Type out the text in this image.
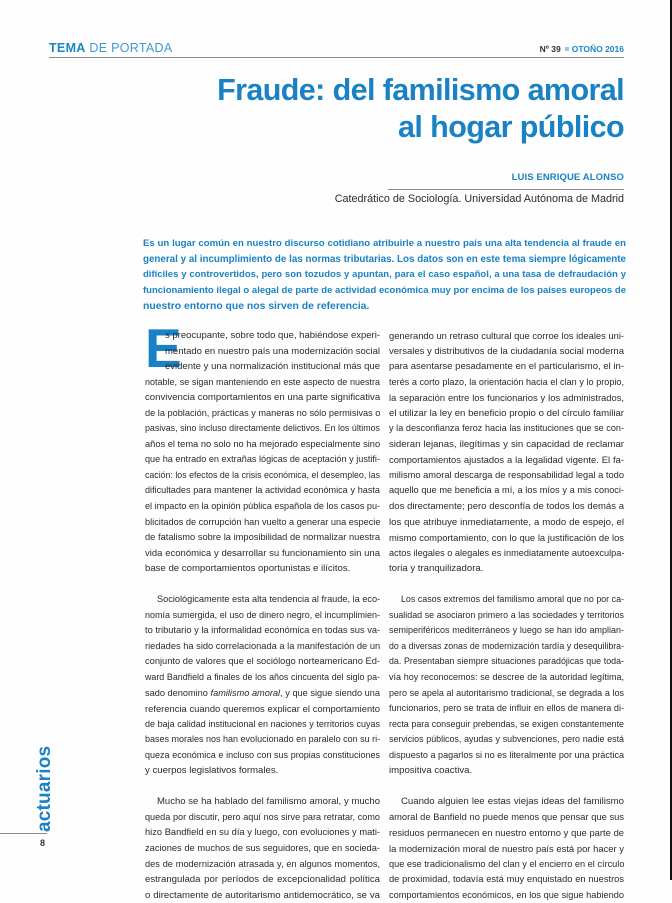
TEMA DE PORTADA	Nº 39 OTOÑO 2016
Fraude: del familismo amoral
al hogar público
LUIS ENRIQUE ALONSO
Catedrático de Sociología. Universidad Autónoma de Madrid
Es un lugar común en nuestro discurso cotidiano atribuirle a nuestro país una alta tendencia al fraude en
general y al incumplimiento de las normas tributarias. Los datos son en este tema siempre lógicamente
difíciles y controvertidos, pero son tozudos y apuntan, para el caso español, a una tasa de defraudación y
funcionamiento ilegal o alegal de parte de actividad económica muy por encima de los países europeos de
nuestro entorno que nos sirven de referencia.
E
s preocupante, sobre todo que, habiéndose experi-
mentado en nuestro país una modernización social
evidente y una normalización institucional más que
notable, se sigan manteniendo en este aspecto de nuestra
convivencia comportamientos en una parte significativa
de la población, prácticas y maneras no sólo permisivas o
pasivas, sino incluso directamente delictivos. En los últimos
años el tema no solo no ha mejorado especialmente sino
que ha entrado en extrañas lógicas de aceptación y justifi-
cación: los efectos de la crisis económica, el desempleo, las
dificultades para mantener la actividad económica y hasta
el impacto en la opinión pública española de los casos pu-
blicitados de corrupción han vuelto a generar una especie
de fatalismo sobre la imposibilidad de normalizar nuestra
vida económica y desarrollar su funcionamiento sin una
base de comportamientos oportunistas e ilícitos.
Sociológicamente esta alta tendencia al fraude, la eco-
nomía sumergida, el uso de dinero negro, el incumplimien-
to tributario y la informalidad económica en todas sus va-
riedades ha sido correlacionada a la manifestación de un
conjunto de valores que el sociólogo norteamericano Ed-
ward Bandfield a finales de los años cincuenta del siglo pa-
sado denomino familismo amoral, y que sigue siendo una
referencia cuando queremos explicar el comportamiento
de baja calidad institucional en naciones y territorios cuyas
bases morales nos han evolucionado en paralelo con su ri-
queza económica e incluso con sus propias constituciones
y cuerpos legislativos formales.
Mucho se ha hablado del familismo amoral, y mucho
queda por discutir, pero aquí nos sirve para retratar, como
hizo Bandfield en su día y luego, con evoluciones y mati-
zaciones de muchos de sus seguidores, que en socieda-
des de modernización atrasada y, en algunos momentos,
estrangulada por períodos de excepcionalidad política
o directamente de autoritarismo antidemocrático, se va
generando un retraso cultural que corroe los ideales uni-
versales y distributivos de la ciudadanía social moderna
para asentarse pesadamente en el particularismo, el in-
terés a corto plazo, la orientación hacia el clan y lo propio,
la separación entre los funcionarios y los administrados,
el utilizar la ley en beneficio propio o del círculo familiar
y la desconfianza feroz hacia las instituciones que se con-
sideran lejanas, ilegítimas y sin capacidad de reclamar
comportamientos ajustados a la legalidad vigente. El fa-
milismo amoral descarga de responsabilidad legal a todo
aquello que me beneficia a mí, a los míos y a mis conoci-
dos directamente; pero desconfía de todos los demás a
los que atribuye inmediatamente, a modo de espejo, el
mismo comportamiento, con lo que la justificación de los
actos ilegales o alegales es inmediatamente autoexculpa-
toria y tranquilizadora.
Los casos extremos del familismo amoral que no por ca-
sualidad se asociaron primero a las sociedades y territorios
semiperiféricos mediterráneos y luego se han ido amplian-
do a diversas zonas de modernización tardía y desequilibra-
da. Presentaban siempre situaciones paradójicas que toda-
vía hoy reconocemos: se descree de la autoridad legítima,
pero se apela al autoritarismo tradicional, se degrada a los
funcionarios, pero se trata de influir en ellos de manera di-
recta para conseguir prebendas, se exigen constantemente
servicios públicos, ayudas y subvenciones, pero nadie está
dispuesto a pagarlos si no es literalmente por una práctica
impositiva coactiva.
Cuando alguien lee estas viejas ideas del familismo
amoral de Banfield no puede menos que pensar que sus
residuos permanecen en nuestro entorno y que parte de
la modernización moral de nuestro país está por hacer y
que ese tradicionalismo del clan y el encierro en el círculo
de proximidad, todavía está muy enquistado en nuestros
comportamientos económicos, en los que sigue habiendo
actuarios
8
